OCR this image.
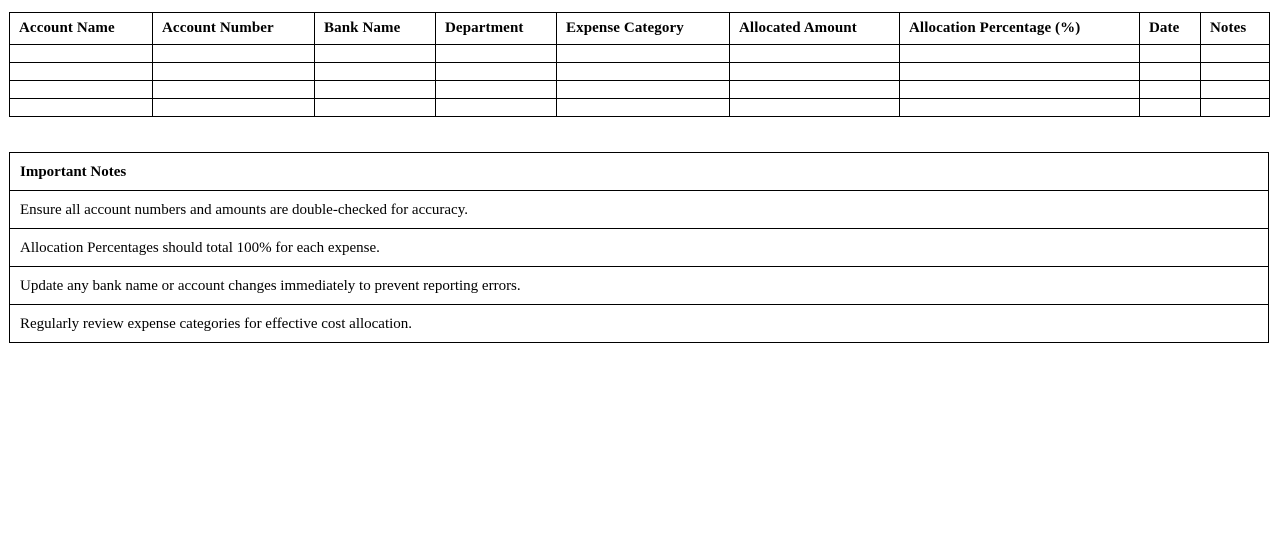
Account Name	Account Number	Bank Name	Department	Expense Category	Allocated Amount	Allocation Percentage (%)	Date	Notes

Important Notes
Ensure all account numbers and amounts are double-checked for accuracy.
Allocation Percentages should total 100% for each expense.
Update any bank name or account changes immediately to prevent reporting errors.
Regularly review expense categories for effective cost allocation.
